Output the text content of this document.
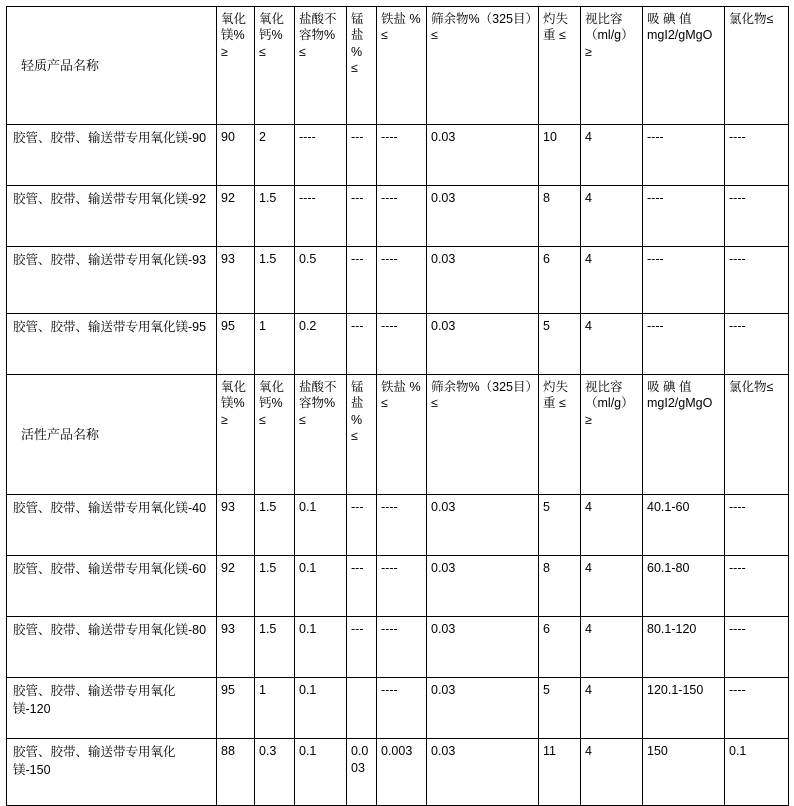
轻质产品名称	氧化镁% ≥	氧化钙% ≤	盐酸不容物% ≤	锰盐% ≤	铁盐 % ≤	筛余物%（325目）≤	灼失重 ≤	视比容（ml/g）≥	吸 碘 值 mgI2/gMgO	氯化物≤
胶管、胶带、输送带专用氧化镁-90	90	2	----	---	----	0.03	10	4	----	----
胶管、胶带、输送带专用氧化镁-92	92	1.5	----	---	----	0.03	8	4	----	----
胶管、胶带、输送带专用氧化镁-93	93	1.5	0.5	---	----	0.03	6	4	----	----
胶管、胶带、输送带专用氧化镁-95	95	1	0.2	---	----	0.03	5	4	----	----
活性产品名称	氧化镁% ≥	氧化钙% ≤	盐酸不容物% ≤	锰盐% ≤	铁盐 % ≤	筛余物%（325目）≤	灼失重 ≤	视比容（ml/g）≥	吸 碘 值 mgI2/gMgO	氯化物≤
胶管、胶带、输送带专用氧化镁-40	93	1.5	0.1	---	----	0.03	5	4	40.1-60	----
胶管、胶带、输送带专用氧化镁-60	92	1.5	0.1	---	----	0.03	8	4	60.1-80	----
胶管、胶带、输送带专用氧化镁-80	93	1.5	0.1	---	----	0.03	6	4	80.1-120	----
胶管、胶带、输送带专用氧化镁-120	95	1	0.1		----	0.03	5	4	120.1-150	----
胶管、胶带、输送带专用氧化镁-150	88	0.3	0.1	0.003	0.003	0.03	11	4	150	0.1
